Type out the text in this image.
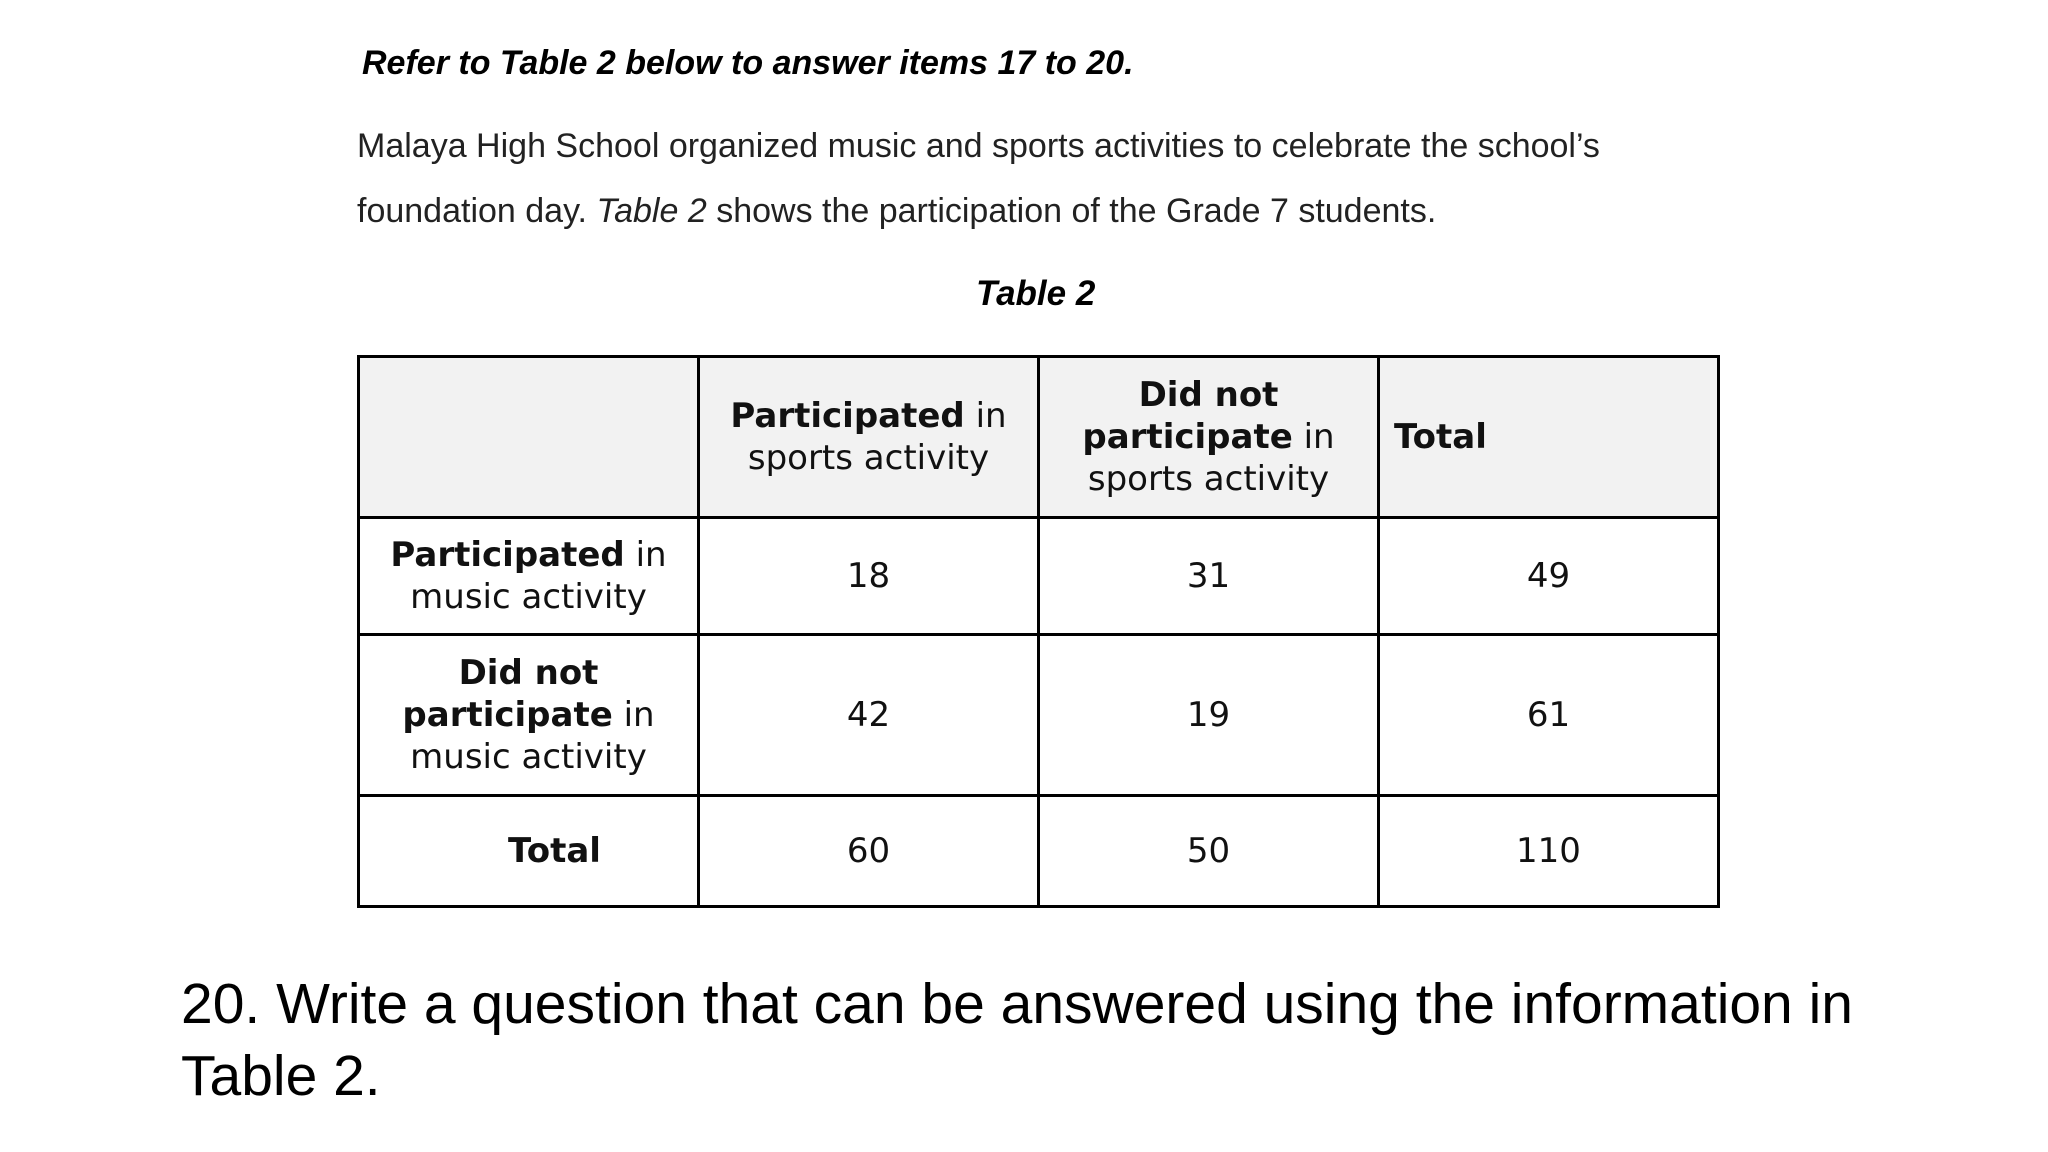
Refer to Table 2 below to answer items 17 to 20.
Malaya High School organized music and sports activities to celebrate the school’s
foundation day. Table 2 shows the participation of the Grade 7 students.
Table 2
	Participated in
sports activity	Did not
participate in
sports activity	Total
Participated in
music activity	18	31	49
Did not
participate in
music activity	42	19	61
Total	60	50	110
20. Write a question that can be answered using the information in
Table 2.
